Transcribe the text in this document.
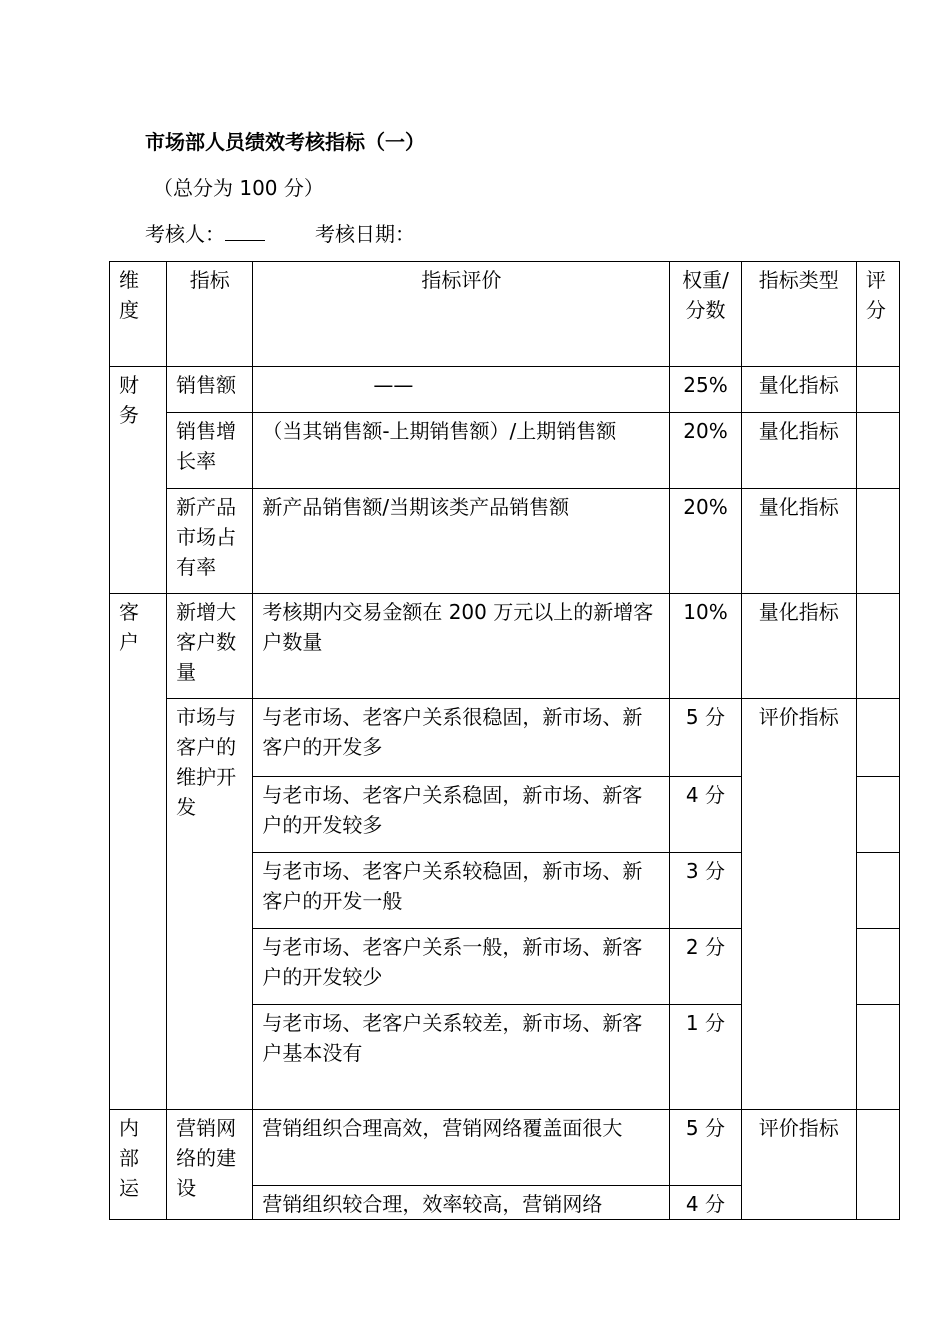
市场部人员绩效考核指标（一）
（总分为 100 分）
考核人：	考核日期：
维度	指标	指标评价	权重/分数	指标类型	评分
财务	销售额	——	25%	量化指标	
	销售增长率	（当其销售额-上期销售额）/上期销售额	20%	量化指标	
	新产品市场占有率	新产品销售额/当期该类产品销售额	20%	量化指标	
客户	新增大客户数量	考核期内交易金额在 200 万元以上的新增客户数量	10%	量化指标	
	市场与客户的维护开发	与老市场、老客户关系很稳固，新市场、新客户的开发多	5 分	评价指标	
		与老市场、老客户关系稳固，新市场、新客户的开发较多	4 分		
		与老市场、老客户关系较稳固，新市场、新客户的开发一般	3 分		
		与老市场、老客户关系一般，新市场、新客户的开发较少	2 分		
		与老市场、老客户关系较差，新市场、新客户基本没有	1 分		
内部运	营销网络的建设	营销组织合理高效，营销网络覆盖面很大	5 分	评价指标	
		营销组织较合理，效率较高，营销网络	4 分		
